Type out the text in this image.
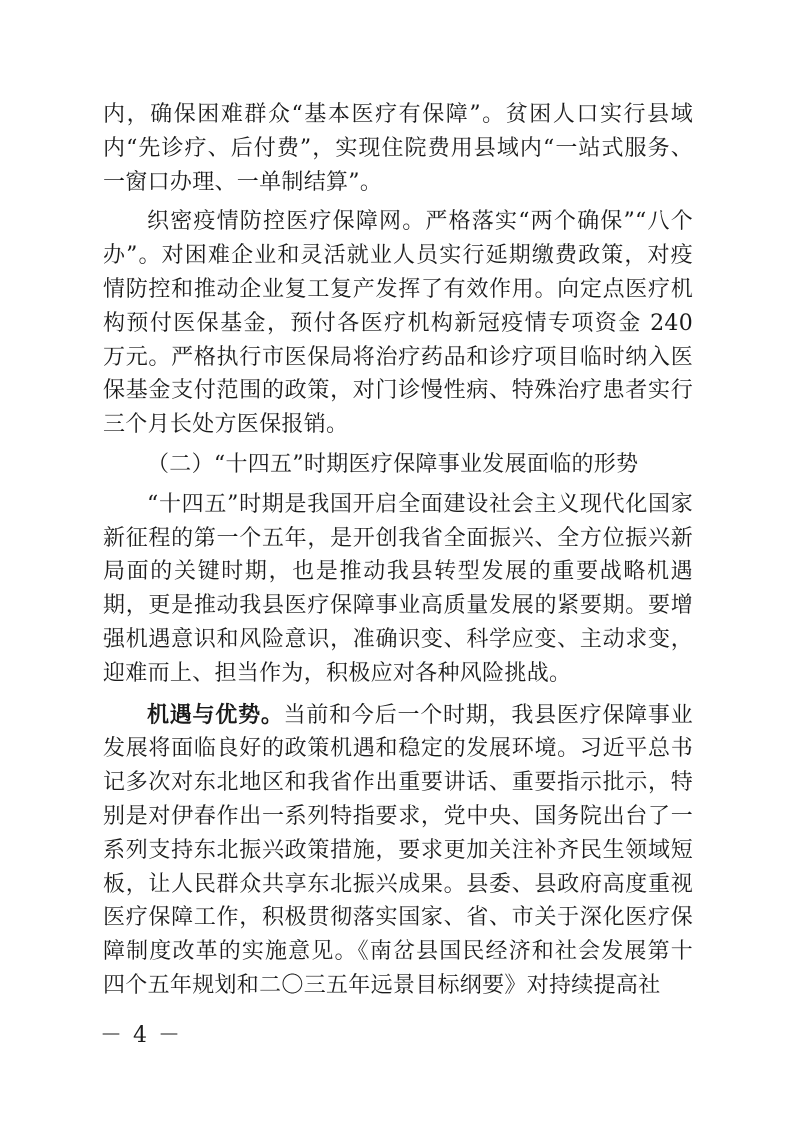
内，确保困难群众“基本医疗有保障”。贫困人口实行县域内“先诊疗、后付费”，实现住院费用县域内“一站式服务、一窗口办理、一单制结算”。

织密疫情防控医疗保障网。严格落实“两个确保”“八个办”。对困难企业和灵活就业人员实行延期缴费政策，对疫情防控和推动企业复工复产发挥了有效作用。向定点医疗机构预付医保基金，预付各医疗机构新冠疫情专项资金 240 万元。严格执行市医保局将治疗药品和诊疗项目临时纳入医保基金支付范围的政策，对门诊慢性病、特殊治疗患者实行三个月长处方医保报销。

（二）“十四五”时期医疗保障事业发展面临的形势

“十四五”时期是我国开启全面建设社会主义现代化国家新征程的第一个五年，是开创我省全面振兴、全方位振兴新局面的关键时期，也是推动我县转型发展的重要战略机遇期，更是推动我县医疗保障事业高质量发展的紧要期。要增强机遇意识和风险意识，准确识变、科学应变、主动求变，迎难而上、担当作为，积极应对各种风险挑战。

机遇与优势。当前和今后一个时期，我县医疗保障事业发展将面临良好的政策机遇和稳定的发展环境。习近平总书记多次对东北地区和我省作出重要讲话、重要指示批示，特别是对伊春作出一系列特指要求，党中央、国务院出台了一系列支持东北振兴政策措施，要求更加关注补齐民生领域短板，让人民群众共享东北振兴成果。县委、县政府高度重视医疗保障工作，积极贯彻落实国家、省、市关于深化医疗保障制度改革的实施意见。《南岔县国民经济和社会发展第十四个五年规划和二〇三五年远景目标纲要》对持续提高社

－ 4 －
